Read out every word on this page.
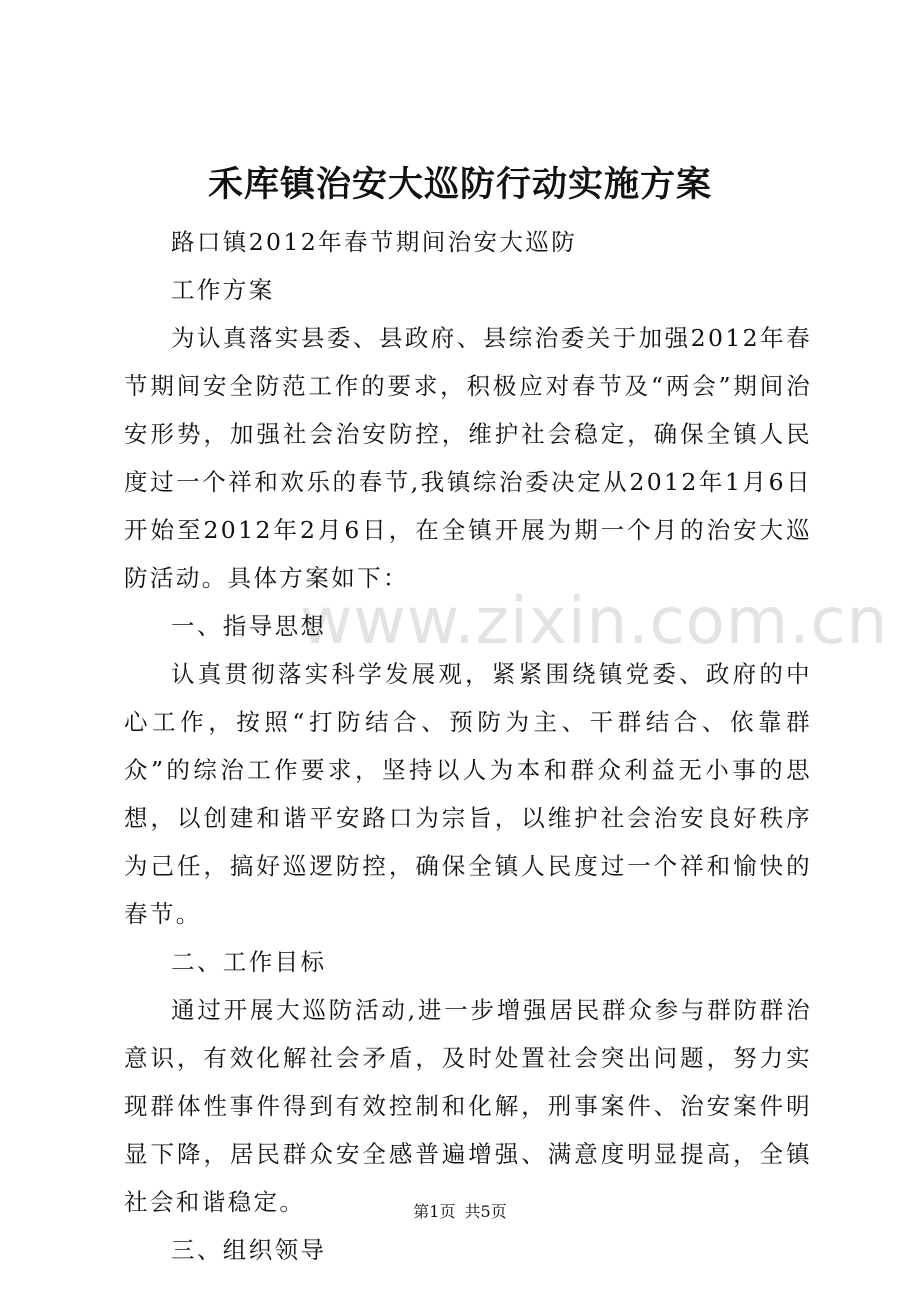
www.zixin.com.cn
禾库镇治安大巡防行动实施方案

路口镇2012年春节期间治安大巡防

工作方案

为认真落实县委、县政府、县综治委关于加强2012年春节期间安全防范工作的要求，积极应对春节及“两会”期间治安形势，加强社会治安防控，维护社会稳定，确保全镇人民度过一个祥和欢乐的春节,我镇综治委决定从2012年1月6日开始至2012年2月6日，在全镇开展为期一个月的治安大巡防活动。具体方案如下：

一、指导思想

认真贯彻落实科学发展观，紧紧围绕镇党委、政府的中心工作，按照“打防结合、预防为主、干群结合、依靠群众”的综治工作要求，坚持以人为本和群众利益无小事的思想，以创建和谐平安路口为宗旨，以维护社会治安良好秩序为己任，搞好巡逻防控，确保全镇人民度过一个祥和愉快的春节。

二、工作目标

通过开展大巡防活动,进一步增强居民群众参与群防群治意识，有效化解社会矛盾，及时处置社会突出问题，努力实现群体性事件得到有效控制和化解，刑事案件、治安案件明显下降，居民群众安全感普遍增强、满意度明显提高，全镇社会和谐稳定。

三、组织领导

第1页 共5页
